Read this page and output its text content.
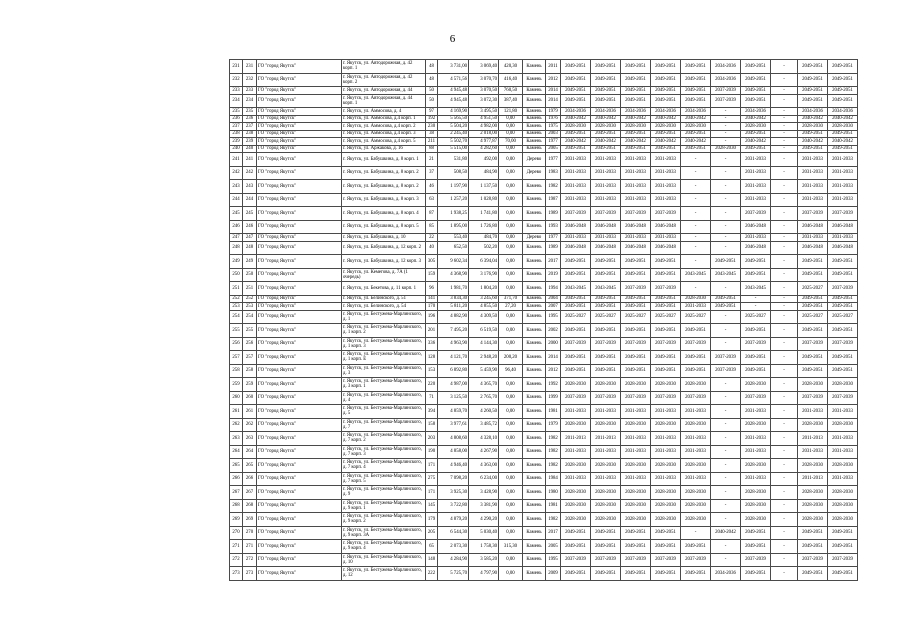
6
231	231	ГО "город Якутск"	г. Якутск, ул. Автодорожная, д. 42 корп. 1	48	3 731,00	3 069,40	420,30	Камень	2011	2049-2051	2049-2051	2049-2051	2049-2051	2049-2051	2034-2036	2049-2051	-	2049-2051	2049-2051
232	232	ГО "город Якутск"	г. Якутск, ул. Автодорожная, д. 42 корп. 2	48	4 571,56	3 070,70	416,40	Камень	2012	2049-2051	2049-2051	2049-2051	2049-2051	2049-2051	2034-2036	2049-2051	-	2049-2051	2049-2051
233	233	ГО "город Якутск"	г. Якутск, ул. Автодорожная, д. 44	50	4 945,48	3 070,50	760,50	Камень	2014	2049-2051	2049-2051	2049-2051	2049-2051	2049-2051	2037-2039	2049-2051	-	2049-2051	2049-2051
234	234	ГО "город Якутск"	г. Якутск, ул. Автодорожная, д. 44 корп. 1	50	4 945,48	3 072,30	387,40	Камень	2014	2049-2051	2049-2051	2049-2051	2049-2051	2049-2051	2037-2039	2049-2051	-	2049-2051	2049-2051
235	235	ГО "город Якутск"	г. Якутск, ул. Аммосова, д. 4	97	4 169,90	3 495,50	121,80	Камень	1979	2034-2036	2034-2036	2034-2036	2034-2036	2034-2036	-	2034-2036	-	2034-2036	2034-2036
236	236	ГО "город Якутск"	г. Якутск, ул. Аммосова, д.4 корп. 1	192	5 565,50	4 951,50	0,00	Камень	1976	2040-2042	2040-2042	2040-2042	2040-2042	2040-2042	-	2040-2042	-	2040-2042	2040-2042
237	237	ГО "город Якутск"	г. Якутск, ул. Аммосова, д.4 корп. 2	230	5 504,20	4 982,00	0,00	Камень	1975	2028-2030	2028-2030	2028-2030	2028-2030	2028-2030	-	2028-2030	-	2028-2030	2028-2030
238	238	ГО "город Якутск"	г. Якутск, ул. Аммосова, д.4 корп. 3	38	2 245,40	2 018,00	0,00	Камень	2003	2049-2051	2049-2051	2049-2051	2049-2051	2049-2051	-	2049-2051	-	2049-2051	2049-2051
239	239	ГО "город Якутск"	г. Якутск, ул. Аммосова, д.4 корп. 5	211	5 502,70	4 977,87	70,00	Камень	1977	2040-2042	2040-2042	2040-2042	2040-2042	2040-2042	-	2040-2042	-	2040-2042	2040-2042
240	240	ГО "город Якутск"	г. Якутск, ул. Аржакова, д. 16	88	5 515,00	4 282,60	0,00	Камень	2005	2049-2051	2049-2051	2049-2051	2049-2051	2049-2051	2028-2030	2049-2051	-	2049-2051	2049-2051
241	241	ГО "город Якутск"	г. Якутск, ул. Бабушкина, д. 8 корп. 1	21	531,80	492,00	0,00	Дерево	1977	2031-2033	2031-2033	2031-2033	2031-2033	-	-	2031-2033	-	2031-2033	2031-2033
242	242	ГО "город Якутск"	г. Якутск, ул. Бабушкина, д. 8 корп. 2	37	508,50	484,90	0,00	Дерево	1983	2031-2033	2031-2033	2031-2033	2031-2033	-	-	2031-2033	-	2031-2033	2031-2033
243	243	ГО "город Якутск"	г. Якутск, ул. Бабушкина, д. 8 корп. 2	46	1 197,90	1 137,50	0,00	Камень	1982	2031-2033	2031-2033	2031-2033	2031-2033	-	-	2031-2033	-	2031-2033	2031-2033
244	244	ГО "город Якутск"	г. Якутск, ул. Бабушкина, д. 8 корп. 3	63	1 257,20	1 028,80	0,00	Камень	1987	2031-2033	2031-2033	2031-2033	2031-2033	-	-	2031-2033	-	2031-2033	2031-2033
245	245	ГО "город Якутск"	г. Якутск, ул. Бабушкина, д. 8 корп. 4	87	1 938,25	1 741,80	0,00	Камень	1989	2037-2039	2037-2039	2037-2039	2037-2039	-	-	2037-2039	-	2037-2039	2037-2039
246	246	ГО "город Якутск"	г. Якутск, ул. Бабушкина, д. 8 корп. 5	85	1 895,00	1 726,80	0,00	Камень	1993	2046-2048	2046-2048	2046-2048	2046-2048	-	-	2046-2048	-	2046-2048	2046-2048
247	247	ГО "город Якутск"	г. Якутск, ул. Бабушкина, д. 10	22	553,40	484,70	0,00	Дерево	1977	2031-2033	2031-2033	2031-2033	2031-2033	-	-	2031-2033	-	2031-2033	2031-2033
248	248	ГО "город Якутск"	г. Якутск, ул. Бабушкина, д. 12 корп. 2	40	652,50	502,20	0,00	Камень	1989	2046-2048	2046-2048	2046-2048	2046-2048	-	-	2046-2048	-	2046-2048	2046-2048
249	249	ГО "город Якутск"	г. Якутск, ул. Бабушкина, д. 12 корп. 3	305	9 602,34	6 394,04	0,00	Камень	2017	2049-2051	2049-2051	2049-2051	2049-2051	-	2049-2051	2049-2051	-	2049-2051	2049-2051
250	250	ГО "город Якутск"	г. Якутск, ул. Кемеговa, д. 7А (1 очередь)	159	4 368,90	3 176,90	0,00	Камень	2019	2049-2051	2049-2051	2049-2051	2049-2051	2043-2045	2043-2045	2049-2051	-	2049-2051	2049-2051
251	251	ГО "город Якутск"	г. Якутск, ул. Бекетова, д. 11 корп. 1	96	1 981,70	1 804,20	0,00	Камень	1994	2043-2045	2043-2045	2037-2039	2037-2039	-	-	2043-2045	-	2025-2027	2037-2039
252	252	ГО "город Якутск"	г. Якутск, ул. Белинского, д. 51	141	3 834,30	3 245,60	371,70	Камень	2004	2049-2051	2049-2051	2049-2051	2049-2051	2028-2030	2049-2051	-	-	2049-2051	2049-2051
253	253	ГО "город Якутск"	г. Якутск, ул. Белинского, д. 54	170	5 811,20	4 855,50	27,20	Камень	2007	2049-2051	2049-2051	2049-2051	2049-2051	2031-2033	2049-2051	-	-	2049-2051	2049-2051
254	254	ГО "город Якутск"	г. Якутск, ул. Бестужева-Марлинского, д. 1	196	4 882,90	4 309,50	0,00	Камень	1995	2025-2027	2025-2027	2025-2027	2025-2027	2025-2027	-	2025-2027	-	2025-2027	2025-2027
255	255	ГО "город Якутск"	г. Якутск, ул. Бестужева-Марлинского, д. 1 корп. 2	201	7 495,20	6 519,50	0,00	Камень	2002	2049-2051	2049-2051	2049-2051	2049-2051	2049-2051	-	2049-2051	-	2049-2051	2049-2051
256	256	ГО "город Якутск"	г. Якутск, ул. Бестужева-Марлинского, д. 1 корп. 3	336	4 963,90	4 144,30	0,00	Камень	2000	2037-2039	2037-2039	2037-2039	2037-2039	2037-2039	-	2037-2039	-	2037-2039	2037-2039
257	257	ГО "город Якутск"	г. Якутск, ул. Бестужева-Марлинского, д. 1 корп. Е	128	4 121,70	2 948,20	200,20	Камень	2014	2049-2051	2049-2051	2049-2051	2049-2051	2049-2051	2037-2039	2049-2051	-	2049-2051	2049-2051
258	258	ГО "город Якутск"	г. Якутск, ул. Бестужева-Марлинского, д. 3	153	6 892,80	5 459,90	96,40	Камень	2012	2049-2051	2049-2051	2049-2051	2049-2051	2049-2051	2037-2039	2049-2051	-	2049-2051	2049-2051
259	259	ГО "город Якутск"	г. Якутск, ул. Бестужева-Марлинского, д. 3 корп. 1	220	4 987,00	4 365,70	0,00	Камень	1992	2028-2030	2028-2030	2028-2030	2028-2030	2028-2030	-	2028-2030	-	2028-2030	2028-2030
260	260	ГО "город Якутск"	г. Якутск, ул. Бестужева-Марлинского, д. 4	71	3 125,50	2 765,70	0,00	Камень	1999	2037-2039	2037-2039	2037-2039	2037-2039	2037-2039	-	2037-2039	-	2037-2039	2037-2039
261	261	ГО "город Якутск"	г. Якутск, ул. Бестужева-Марлинского, д. 5	394	4 859,70	4 260,50	0,00	Камень	1981	2031-2033	2031-2033	2031-2033	2031-2033	2031-2033	-	2031-2033	-	2031-2033	2031-2033
262	262	ГО "город Якутск"	г. Якутск, ул. Бестужева-Марлинского, д. 7	158	3 977,61	3 485,72	0,00	Камень	1979	2028-2030	2028-2030	2028-2030	2028-2030	2028-2030	-	2028-2030	-	2028-2030	2028-2030
263	263	ГО "город Якутск"	г. Якутск, ул. Бестужева-Марлинского, д. 7 корп. 2	203	4 808,60	4 328,10	0,00	Камень	1982	2011-2013	2011-2013	2031-2033	2031-2033	2031-2033	-	2031-2033	-	2011-2013	2031-2033
264	264	ГО "город Якутск"	г. Якутск, ул. Бестужева-Марлинского, д. 7 корп. 3	190	4 858,00	4 267,90	0,00	Камень	1982	2031-2033	2031-2033	2031-2033	2031-2033	2031-2033	-	2031-2033	-	2031-2033	2031-2033
265	265	ГО "город Якутск"	г. Якутск, ул. Бестужева-Марлинского, д. 7 корп. 4	171	4 946,40	4 363,00	0,00	Камень	1982	2028-2030	2028-2030	2028-2030	2028-2030	2028-2030	-	2028-2030	-	2028-2030	2028-2030
266	266	ГО "город Якутск"	г. Якутск, ул. Бестужева-Марлинского, д. 7 корп. 5	275	7 098,20	6 234,00	0,00	Камень	1984	2031-2033	2031-2033	2031-2033	2031-2033	2031-2033	-	2031-2033	-	2011-2013	2031-2033
267	267	ГО "город Якутск"	г. Якутск, ул. Бестужева-Марлинского, д. 9	171	3 925,30	3 428,90	0,00	Камень	1980	2028-2030	2028-2030	2028-2030	2028-2030	2028-2030	-	2028-2030	-	2028-2030	2028-2030
268	268	ГО "город Якутск"	г. Якутск, ул. Бестужева-Марлинского, д. 9 корп. 1	145	3 722,80	3 381,90	0,00	Камень	1981	2028-2030	2028-2030	2028-2030	2028-2030	2028-2030	-	2028-2030	-	2028-2030	2028-2030
269	269	ГО "город Якутск"	г. Якутск, ул. Бестужева-Марлинского, д. 9 корп. 2	179	4 879,20	4 290,20	0,00	Камень	1982	2028-2030	2028-2030	2028-2030	2028-2030	2028-2030	-	2028-2030	-	2028-2030	2028-2030
270	270	ГО "город Якутск"	г. Якутск, ул. Бестужева-Марлинского, д. 9 корп. 3А	205	6 544,30	5 030,40	0,00	Камень	2017	2049-2051	2049-2051	2049-2051	2049-2051	-	2040-2042	2049-2051	-	2049-2051	2049-2051
271	271	ГО "город Якутск"	г. Якутск, ул. Бестужева-Марлинского, д. 9 корп. 4	65	2 073,30	1 758,30	315,30	Камень	2005	2049-2051	2049-2051	2049-2051	2049-2051	2049-2051	-	2049-2051	-	2049-2051	2049-2051
272	272	ГО "город Якутск"	г. Якутск, ул. Бестужева-Марлинского, д. 10	148	4 284,90	3 585,20	0,00	Камень	1995	2037-2039	2037-2039	2037-2039	2037-2039	2037-2039	-	2037-2039	-	2037-2039	2037-2039
273	273	ГО "город Якутск"	г. Якутск, ул. Бестужева-Марлинского, д. 12	222	5 725,70	4 797,90	0,00	Камень	2009	2049-2051	2049-2051	2049-2051	2049-2051	2049-2051	2034-2036	2049-2051	-	2049-2051	2049-2051
